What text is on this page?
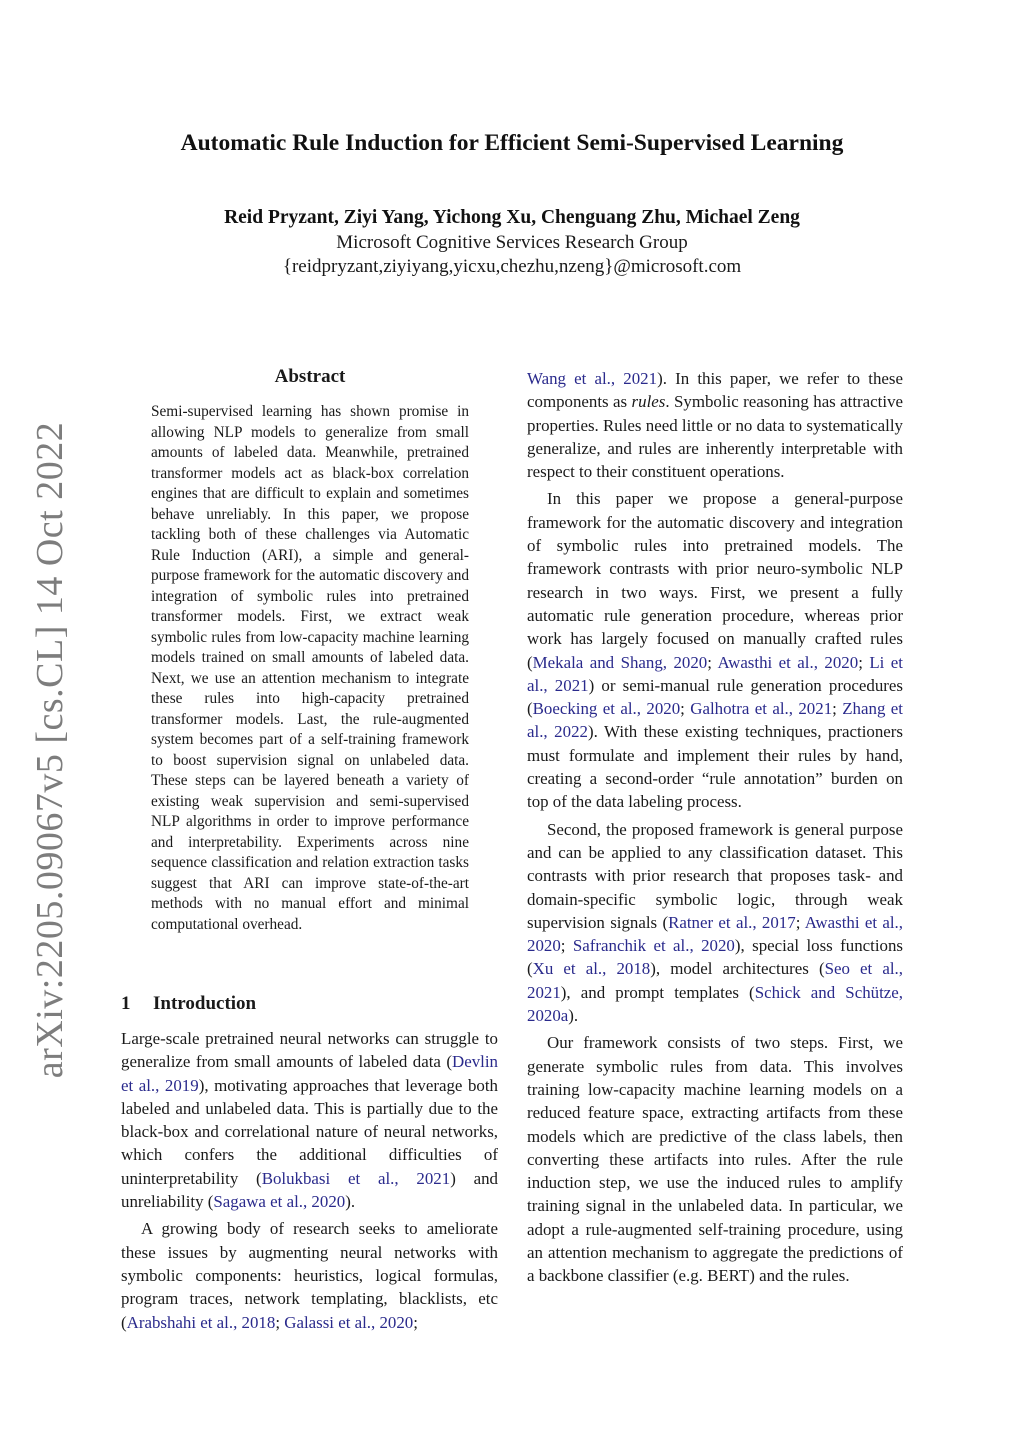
arXiv:2205.09067v5 [cs.CL] 14 Oct 2022
Automatic Rule Induction for Efficient Semi-Supervised Learning
Reid Pryzant, Ziyi Yang, Yichong Xu, Chenguang Zhu, Michael Zeng
Microsoft Cognitive Services Research Group
{reidpryzant,ziyiyang,yicxu,chezhu,nzeng}@microsoft.com
Abstract
Semi-supervised learning has shown promise in allowing NLP models to generalize from small amounts of labeled data. Meanwhile, pretrained transformer models act as black-box correlation engines that are difficult to explain and sometimes behave unreliably. In this paper, we propose tackling both of these challenges via Automatic Rule Induction (ARI), a simple and general-purpose framework for the automatic discovery and integration of symbolic rules into pretrained transformer models. First, we extract weak symbolic rules from low-capacity machine learning models trained on small amounts of labeled data. Next, we use an attention mechanism to integrate these rules into high-capacity pretrained transformer models. Last, the rule-augmented system becomes part of a self-training framework to boost supervision signal on unlabeled data. These steps can be layered beneath a variety of existing weak supervision and semi-supervised NLP algorithms in order to improve performance and interpretability. Experiments across nine sequence classification and relation extraction tasks suggest that ARI can improve state-of-the-art methods with no manual effort and minimal computational overhead.
1 Introduction

Large-scale pretrained neural networks can struggle to generalize from small amounts of labeled data (Devlin et al., 2019), motivating approaches that leverage both labeled and unlabeled data. This is partially due to the black-box and correlational nature of neural networks, which confers the additional difficulties of uninterpretability (Bolukbasi et al., 2021) and unreliability (Sagawa et al., 2020).

A growing body of research seeks to ameliorate these issues by augmenting neural networks with symbolic components: heuristics, logical formulas, program traces, network templating, blacklists, etc (Arabshahi et al., 2018; Galassi et al., 2020;

Wang et al., 2021). In this paper, we refer to these components as rules. Symbolic reasoning has attractive properties. Rules need little or no data to systematically generalize, and rules are inherently interpretable with respect to their constituent operations.

In this paper we propose a general-purpose framework for the automatic discovery and integration of symbolic rules into pretrained models. The framework contrasts with prior neuro-symbolic NLP research in two ways. First, we present a fully automatic rule generation procedure, whereas prior work has largely focused on manually crafted rules (Mekala and Shang, 2020; Awasthi et al., 2020; Li et al., 2021) or semi-manual rule generation procedures (Boecking et al., 2020; Galhotra et al., 2021; Zhang et al., 2022). With these existing techniques, practioners must formulate and implement their rules by hand, creating a second-order “rule annotation” burden on top of the data labeling process.

Second, the proposed framework is general purpose and can be applied to any classification dataset. This contrasts with prior research that proposes task- and domain-specific symbolic logic, through weak supervision signals (Ratner et al., 2017; Awasthi et al., 2020; Safranchik et al., 2020), special loss functions (Xu et al., 2018), model architectures (Seo et al., 2021), and prompt templates (Schick and Schütze, 2020a).

Our framework consists of two steps. First, we generate symbolic rules from data. This involves training low-capacity machine learning models on a reduced feature space, extracting artifacts from these models which are predictive of the class labels, then converting these artifacts into rules. After the rule induction step, we use the induced rules to amplify training signal in the unlabeled data. In particular, we adopt a rule-augmented self-training procedure, using an attention mechanism to aggregate the predictions of a backbone classifier (e.g. BERT) and the rules.
